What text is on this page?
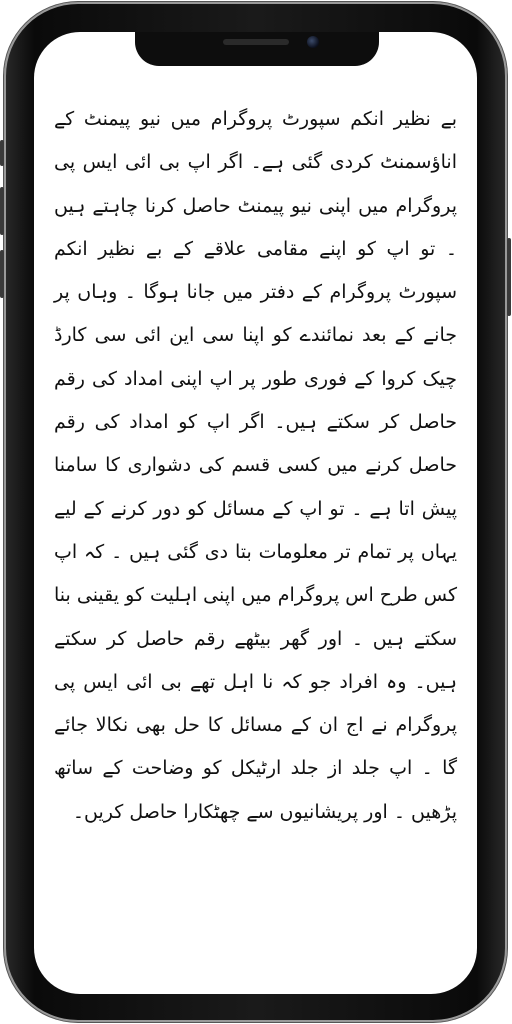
بے نظیر انکم سپورٹ پروگرام میں نیو پیمنٹ کے اناؤسمنٹ کردی گئی ہے۔ اگر اپ بی ائی ایس پی پروگرام میں اپنی نیو پیمنٹ حاصل کرنا چاہتے ہیں ۔ تو اپ کو اپنے مقامی علاقے کے بے نظیر انکم سپورٹ پروگرام کے دفتر میں جانا ہوگا ۔ وہاں پر جانے کے بعد نمائندے کو اپنا سی این ائی سی کارڈ چیک کروا کے فوری طور پر اپ اپنی امداد کی رقم حاصل کر سکتے ہیں۔ اگر اپ کو امداد کی رقم حاصل کرنے میں کسی قسم کی دشواری کا سامنا پیش اتا ہے ۔ تو اپ کے مسائل کو دور کرنے کے لیے یہاں پر تمام تر معلومات بتا دی گئی ہیں ۔ کہ اپ کس طرح اس پروگرام میں اپنی اہلیت کو یقینی بنا سکتے ہیں ۔ اور گھر بیٹھے رقم حاصل کر سکتے ہیں۔ وہ افراد جو کہ نا اہل تھے بی ائی ایس پی پروگرام نے اج ان کے مسائل کا حل بھی نکالا جائے گا ۔ اپ جلد از جلد ارٹیکل کو وضاحت کے ساتھ پڑھیں ۔ اور پریشانیوں سے چھٹکارا حاصل کریں۔
